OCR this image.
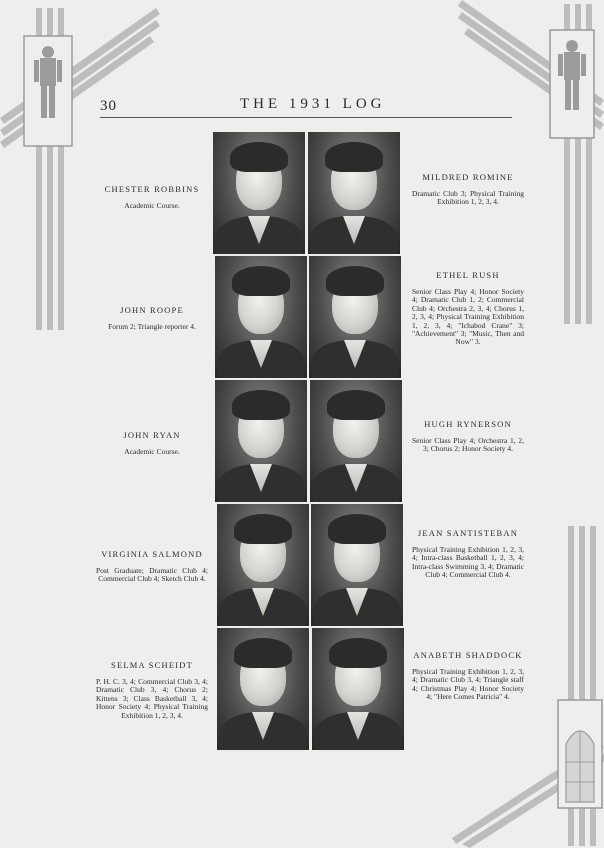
30	THE 1931 LOG
CHESTER ROBBINS
Academic Course.
JOHN ROOPE
Forum 2; Triangle reporter 4.
JOHN RYAN
Academic Course.
VIRGINIA SALMOND
Post Graduate; Dramatic Club 4; Commercial Club 4; Sketch Club 4.
SELMA SCHEIDT
P. H. C. 3, 4; Commercial Club 3, 4; Dramatic Club 3, 4; Chorus 2; Kittens 3; Class Basketball 3, 4; Honor Society 4; Physical Training Exhibition 1, 2, 3, 4.
MILDRED ROMINE
Dramatic Club 3; Physical Training Exhibition 1, 2, 3, 4.
ETHEL RUSH
Senior Class Play 4; Honor Society 4; Dramatic Club 1, 2; Commercial Club 4; Orchestra 2, 3, 4; Chorus 1, 2, 3, 4; Physical Training Exhibition 1, 2, 3, 4; "Ichabod Crane" 3; "Achievement" 3; "Music, Then and Now" 3.
HUGH RYNERSON
Senior Class Play 4; Orchestra 1, 2, 3; Chorus 2; Honor Society 4.
JEAN SANTISTEBAN
Physical Training Exhibition 1, 2, 3, 4; Intra-class Basketball 1, 2, 3, 4; Intra-class Swimming 3, 4; Dramatic Club 4; Commercial Club 4.
ANABETH SHADDOCK
Physical Training Exhibition 1, 2, 3, 4; Dramatic Club 3, 4; Triangle staff 4; Christmas Play 4; Honor Society 4; "Here Comes Patricia" 4.
